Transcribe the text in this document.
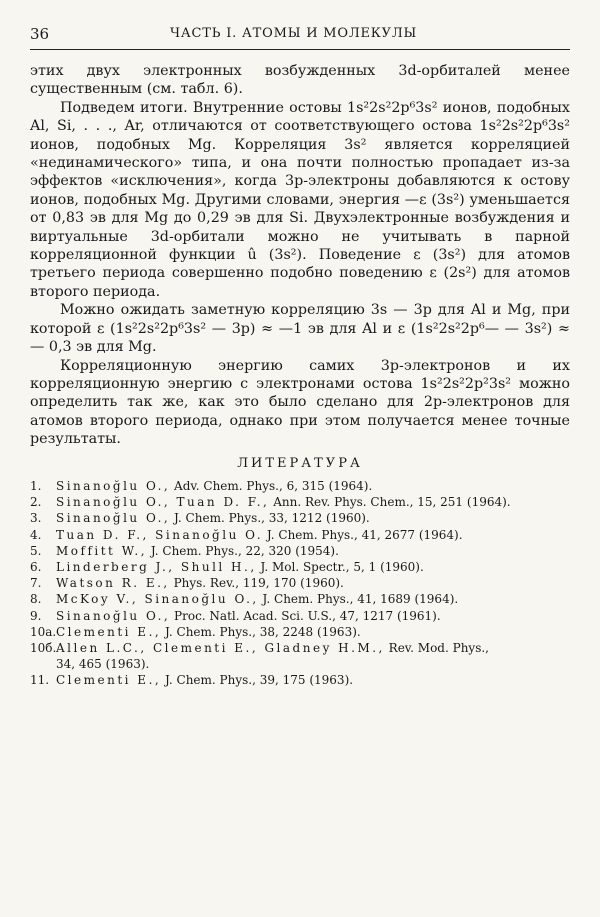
36	ЧАСТЬ I. АТОМЫ И МОЛЕКУЛЫ

этих двух электронных возбужденных 3d-орбиталей менее существенным (см. табл. 6).

Подведем итоги. Внутренние остовы 1s²2s²2p⁶3s² ионов, подобных Al, Si, . . ., Ar, отличаются от соответствующего остова 1s²2s²2p⁶3s² ионов, подобных Mg. Корреляция 3s² является корреляцией «нединамического» типа, и она почти полностью пропадает из-за эффектов «исключения», когда 3p-электроны добавляются к остову ионов, подобных Mg. Другими словами, энергия —ε (3s²) уменьшается от 0,83 эв для Mg до 0,29 эв для Si. Двухэлектронные возбуждения и виртуальные 3d-орбитали можно не учитывать в парной корреляционной функции û (3s²). Поведение ε (3s²) для атомов третьего периода совершенно подобно поведению ε (2s²) для атомов второго периода.

Можно ожидать заметную корреляцию 3s — 3p для Al и Mg, при которой ε (1s²2s²2p⁶3s² — 3p) ≈ —1 эв для Al и ε (1s²2s²2p⁶— — 3s²) ≈ — 0,3 эв для Mg.

Корреляционную энергию самих 3p-электронов и их корреляционную энергию с электронами остова 1s²2s²2p²3s² можно определить так же, как это было сделано для 2p-электронов для атомов второго периода, однако при этом получается менее точные результаты.

ЛИТЕРАТУРА
1. Sinanoğlu O., Adv. Chem. Phys., 6, 315 (1964).
2. Sinanoğlu O., Tuan D. F., Ann. Rev. Phys. Chem., 15, 251 (1964).
3. Sinanoğlu O., J. Chem. Phys., 33, 1212 (1960).
4. Tuan D. F., Sinanoğlu O. J. Chem. Phys., 41, 2677 (1964).
5. Moffitt W., J. Chem. Phys., 22, 320 (1954).
6. Linderberg J., Shull H., J. Mol. Spectr., 5, 1 (1960).
7. Watson R. E., Phys. Rev., 119, 170 (1960).
8. McKoy V., Sinanoğlu O., J. Chem. Phys., 41, 1689 (1964).
9. Sinanoğlu O., Proc. Natl. Acad. Sci. U.S., 47, 1217 (1961).
10a.Clementi E., J. Chem. Phys., 38, 2248 (1963).
10б.Allen L.C., Clementi E., Gladney H.M., Rev. Mod. Phys.,
34, 465 (1963).
11. Clementi E., J. Chem. Phys., 39, 175 (1963).
